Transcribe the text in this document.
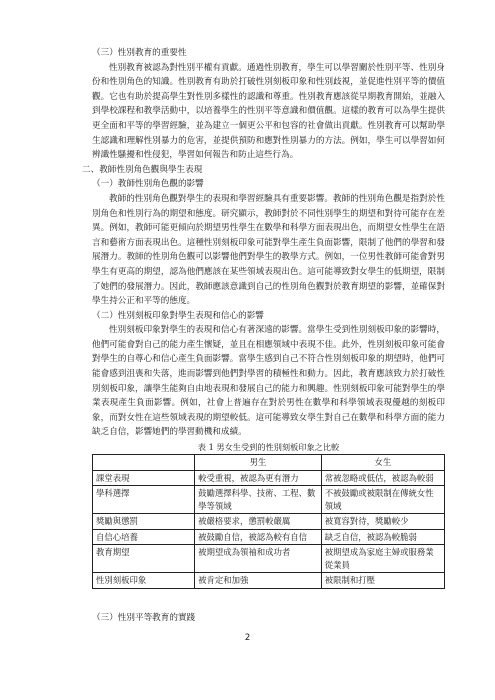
（三）性別教育的重要性

性別教育被認為對性別平權有貢獻。通過性別教育，學生可以學習關於性別平等、性別身份和性別角色的知識。性別教育有助於打破性別刻板印象和性別歧視，並促進性別平等的價值觀。它也有助於提高學生對性別多樣性的認識和尊重。性別教育應該從早期教育開始，並融入到學校課程和教學活動中，以培養學生的性別平等意識和價值觀。這樣的教育可以為學生提供更全面和平等的學習經驗，並為建立一個更公平和包容的社會做出貢獻。性別教育可以幫助學生認識和理解性別暴力的危害，並提供預防和應對性別暴力的方法。例如，學生可以學習如何辨識性騷擾和性侵犯，學習如何報告和防止這些行為。

二、教師性別角色觀與學生表現

（一）教師性別角色觀的影響

教師的性別角色觀對學生的表現和學習經驗具有重要影響。教師的性別角色觀是指對於性別角色和性別行為的期望和態度。研究顯示，教師對於不同性別學生的期望和對待可能存在差異。例如，教師可能更傾向於期望男性學生在數學和科學方面表現出色，而期望女性學生在語言和藝術方面表現出色。這種性別刻板印象可能對學生產生負面影響，限制了他們的學習和發展潛力。教師的性別角色觀可以影響他們對學生的教學方式。例如，一位男性教師可能會對男學生有更高的期望，認為他們應該在某些領域表現出色。這可能導致對女學生的低期望，限制了她們的發展潛力。因此，教師應該意識到自己的性別角色觀對於教育期望的影響，並確保對學生持公正和平等的態度。

（二）性別刻板印象對學生表現和信心的影響

性別刻板印象對學生的表現和信心有著深遠的影響。當學生受到性別刻板印象的影響時，他們可能會對自己的能力產生懷疑，並且在相應領域中表現不佳。此外，性別刻板印象可能會對學生的自尊心和信心產生負面影響。當學生感到自己不符合性別刻板印象的期望時，他們可能會感到沮喪和失落，進而影響到他們對學習的積極性和動力。因此，教育應該致力於打破性別刻板印象，讓學生能夠自由地表現和發展自己的能力和興趣。性別刻板印象可能對學生的學業表現產生負面影響。例如，社會上普遍存在對於男性在數學和科學領域表現優越的刻板印象，而對女性在這些領域表現的期望較低。這可能導致女學生對自己在數學和科學方面的能力缺乏自信，影響她們的學習動機和成績。

表 1 男女生受到的性別刻板印象之比較

	男生	女生
課堂表現	較受重視，被認為更有潛力	常被忽略或低估，被認為較弱
學科選擇	鼓勵選擇科學、技術、工程、數學等領域	不被鼓勵或被限制在傳統女性領域
獎勵與懲罰	被嚴格要求，懲罰較嚴厲	被寬容對待，獎勵較少
自信心培養	被鼓勵自信，被認為較有自信	缺乏自信，被認為較脆弱
教育期望	被期望成為領袖和成功者	被期望成為家庭主婦或服務業從業員
性別刻板印象	被肯定和加強	被限制和打壓

（三）性別平等教育的實踐

2
